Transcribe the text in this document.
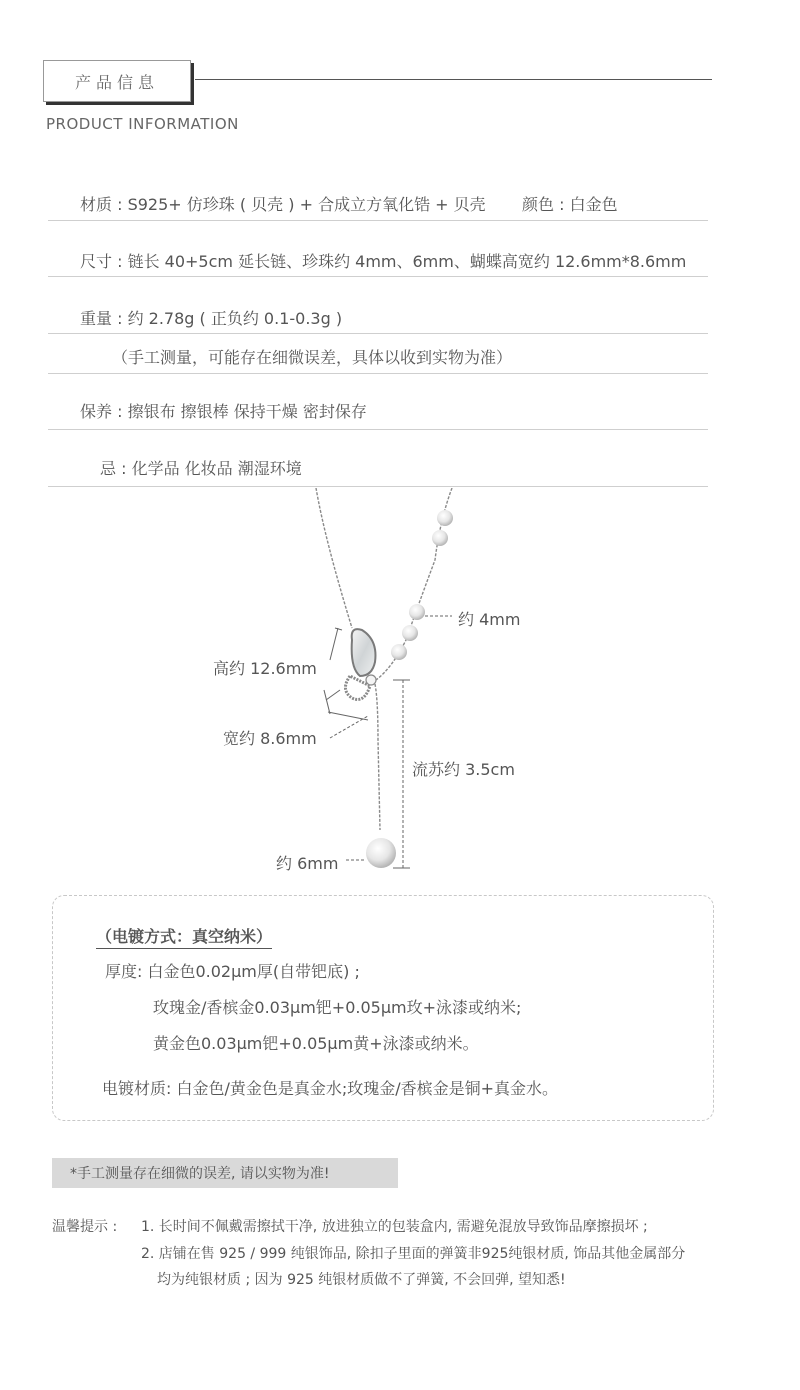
产品信息
PRODUCT INFORMATION
材质 : S925+ 仿珍珠 ( 贝壳 ) + 合成立方氧化锆 + 贝壳 颜色 : 白金色
尺寸 : 链长 40+5cm 延长链、珍珠约 4mm、6mm、蝴蝶高宽约 12.6mm*8.6mm
重量 : 约 2.78g ( 正负约 0.1-0.3g )
（手工测量，可能存在细微误差，具体以收到实物为准）
保养 : 擦银布 擦银棒 保持干燥 密封保存
忌 : 化学品 化妆品 潮湿环境
约 4mm
高约 12.6mm
宽约 8.6mm
流苏约 3.5cm
约 6mm
（电镀方式：真空纳米）
厚度: 白金色0.02μm厚(自带钯底) ;
玫瑰金/香槟金0.03μm钯+0.05μm玫+泳漆或纳米;
黄金色0.03μm钯+0.05μm黄+泳漆或纳米。
电镀材质: 白金色/黄金色是真金水;玫瑰金/香槟金是铜+真金水。
*手工测量存在细微的误差, 请以实物为准!
温馨提示 : 1. 长时间不佩戴需擦拭干净, 放进独立的包装盒内, 需避免混放导致饰品摩擦损坏 ;
2. 店铺在售 925 / 999 纯银饰品, 除扣子里面的弹簧非925纯银材质, 饰品其他金属部分
均为纯银材质 ; 因为 925 纯银材质做不了弹簧, 不会回弹, 望知悉!
